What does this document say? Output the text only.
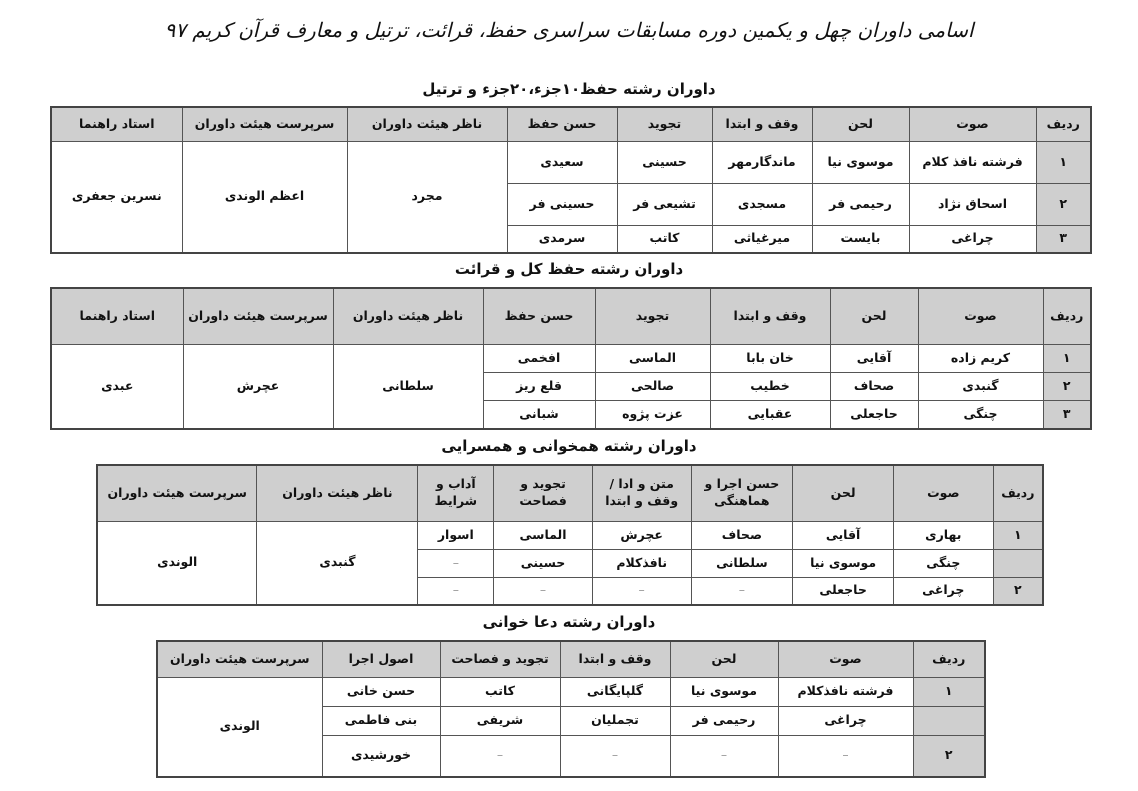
اسامی داوران چهل و یکمین دوره مسابقات سراسری حفظ، قرائت، ترتیل و معارف قرآن کریم ۹۷
داوران رشته حفظ۱۰جزء،۲۰جزء و ترتیل
ردیف	صوت	لحن	وقف و ابتدا	تجوید	حسن حفظ	ناظر هیئت داوران	سرپرست هیئت داوران	استاد راهنما
۱	فرشته نافذ کلام	موسوی نیا	ماندگارمهر	حسینی	سعیدی	مجرد	اعظم الوندی	نسرین جعفری
۲	اسحاق نژاد	رحیمی فر	مسجدی	تشیعی فر	حسینی فر			
۳	چراغی	بایست	میرغیاثی	کاتب	سرمدی			
داوران رشته حفظ کل و قرائت
ردیف	صوت	لحن	وقف و ابتدا	تجوید	حسن حفظ	ناظر هیئت داوران	سرپرست هیئت داوران	استاد راهنما
۱	کریم زاده	آقایی	خان بابا	الماسی	افخمی	سلطانی	عچرش	عبدی
۲	گنبدی	صحاف	خطیب	صالحی	قلع ریز			
۳	چنگی	حاجعلی	عقبایی	عزت پژوه	شبانی			
داوران رشته همخوانی و همسرایی
ردیف	صوت	لحن	حسن اجرا و هماهنگی	متن و ادا / وقف و ابتدا	تجوید و فصاحت	آداب و شرایط	ناظر هیئت داوران	سرپرست هیئت داوران
۱	بهاری	آقایی	صحاف	عچرش	الماسی	اسوار	گنبدی	الوندی
	چنگی	موسوی نیا	سلطانی	نافذکلام	حسینی	–		
۲	چراغی	حاجعلی	–	–	–	–		
داوران رشته دعا خوانی
ردیف	صوت	لحن	وقف و ابتدا	تجوید و فصاحت	اصول اجرا	سرپرست هیئت داوران
۱	فرشته نافذکلام	موسوی نیا	گلپایگانی	کاتب	حسن خانی	الوندی
	چراغی	رحیمی فر	تجملیان	شریفی	بنی فاطمی	
۲	–	–	–	–	خورشیدی	
